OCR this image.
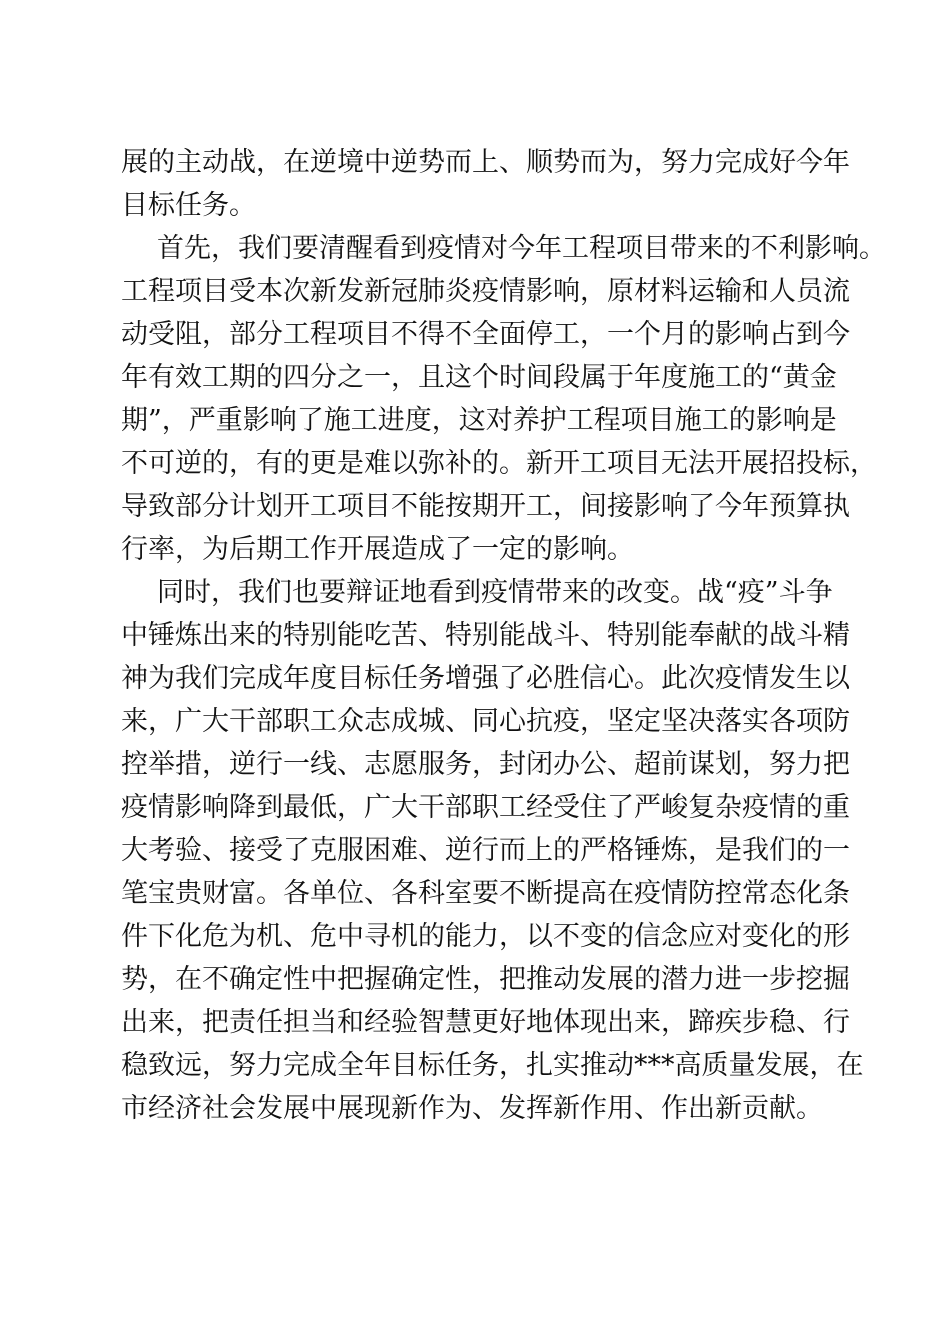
展的主动战，在逆境中逆势而上、顺势而为，努力完成好今年
目标任务。
首先，我们要清醒看到疫情对今年工程项目带来的不利影响。
工程项目受本次新发新冠肺炎疫情影响，原材料运输和人员流
动受阻，部分工程项目不得不全面停工，一个月的影响占到今
年有效工期的四分之一，且这个时间段属于年度施工的“黄金
期”，严重影响了施工进度，这对养护工程项目施工的影响是
不可逆的，有的更是难以弥补的。新开工项目无法开展招投标，
导致部分计划开工项目不能按期开工，间接影响了今年预算执
行率，为后期工作开展造成了一定的影响。
同时，我们也要辩证地看到疫情带来的改变。战“疫”斗争
中锤炼出来的特别能吃苦、特别能战斗、特别能奉献的战斗精
神为我们完成年度目标任务增强了必胜信心。此次疫情发生以
来，广大干部职工众志成城、同心抗疫，坚定坚决落实各项防
控举措，逆行一线、志愿服务，封闭办公、超前谋划，努力把
疫情影响降到最低，广大干部职工经受住了严峻复杂疫情的重
大考验、接受了克服困难、逆行而上的严格锤炼，是我们的一
笔宝贵财富。各单位、各科室要不断提高在疫情防控常态化条
件下化危为机、危中寻机的能力，以不变的信念应对变化的形
势，在不确定性中把握确定性，把推动发展的潜力进一步挖掘
出来，把责任担当和经验智慧更好地体现出来，蹄疾步稳、行
稳致远，努力完成全年目标任务，扎实推动***高质量发展，在
市经济社会发展中展现新作为、发挥新作用、作出新贡献。
